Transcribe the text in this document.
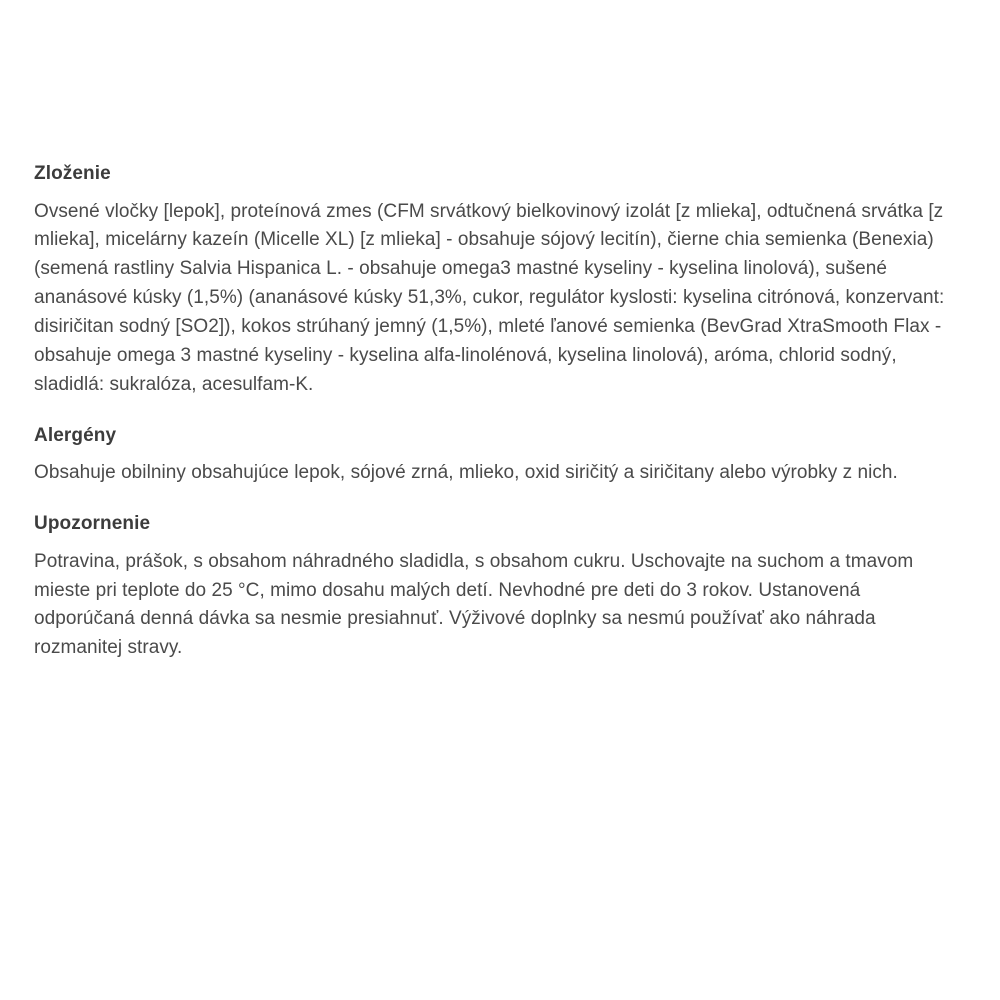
Zloženie

Ovsené vločky [lepok], proteínová zmes (CFM srvátkový bielkovinový izolát [z mlieka], odtučnená srvátka [z mlieka], micelárny kazeín (Micelle XL) [z mlieka] - obsahuje sójový lecitín), čierne chia semienka (Benexia) (semená rastliny Salvia Hispanica L. - obsahuje omega3 mastné kyseliny - kyselina linolová), sušené ananásové kúsky (1,5%) (ananásové kúsky 51,3%, cukor, regulátor kyslosti: kyselina citrónová, konzervant: disiričitan sodný [SO2]), kokos strúhaný jemný (1,5%), mleté ľanové semienka (BevGrad XtraSmooth Flax - obsahuje omega 3 mastné kyseliny - kyselina alfa-linolénová, kyselina linolová), aróma, chlorid sodný, sladidlá: sukralóza, acesulfam-K.

Alergény

Obsahuje obilniny obsahujúce lepok, sójové zrná, mlieko, oxid siričitý a siričitany alebo výrobky z nich.

Upozornenie

Potravina, prášok, s obsahom náhradného sladidla, s obsahom cukru. Uschovajte na suchom a tmavom mieste pri teplote do 25 °C, mimo dosahu malých detí. Nevhodné pre deti do 3 rokov. Ustanovená odporúčaná denná dávka sa nesmie presiahnuť. Výživové doplnky sa nesmú používať ako náhrada rozmanitej stravy.
